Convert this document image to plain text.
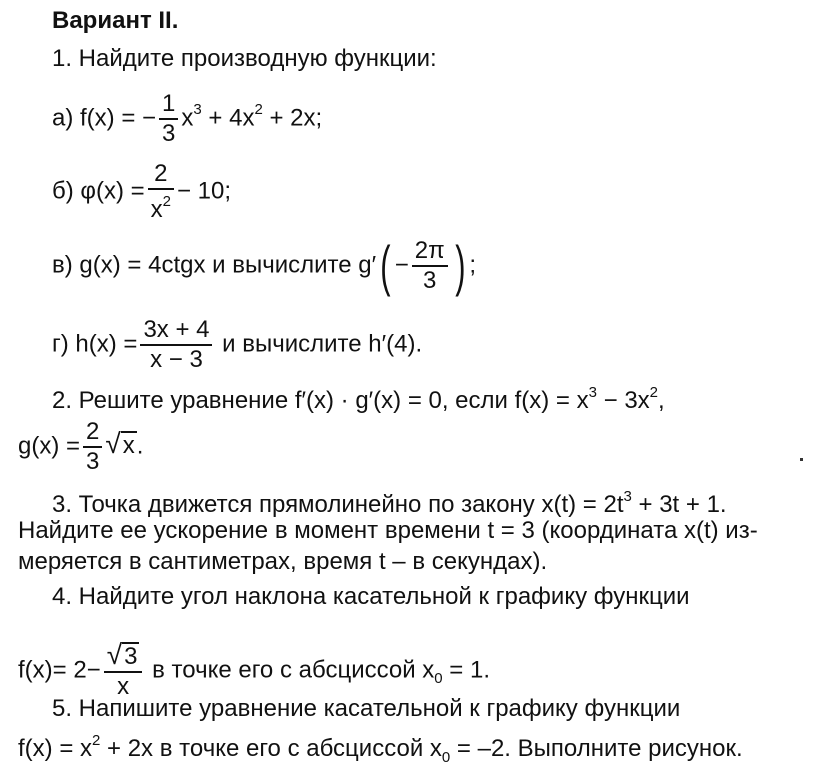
Вариант II.
1. Найдите производную функции:
а) f(x) = − $\frac{1}{3} x^3 + 4x^2 + 2x$;
б) $\varphi(x) = \frac{2}{x^2} - 10$;
в) g(x) = 4ctgx и вычислите $g'( - \frac{2\pi}{3}$ ) ;
г) $h(x) = \frac{3x + 4}{x - 3}$ и вычислите h′(4).
2. Решите уравнение f′(x) · g′(x) = 0, если $f(x) = x^3 - 3x^2$,
$g(x) = \frac{2}{3} √x$.
3. Точка движется прямолинейно по закону $x(t) = 2t^3 + 3t + 1$.
Найдите ее ускорение в момент времени t = 3 (координата x(t) из-
меряется в сантиметрах, время t – в секундах).
4. Найдите угол наклона касательной к графику функции
$f(x)= 2- \frac{√3}{x}$ в точке его с абсциссой $x_0 = 1$.
5. Напишите уравнение касательной к графику функции
$f(x) = x^2 + 2x$ в точке его с абсциссой $x_0 = -2$. Выполните рисунок.
